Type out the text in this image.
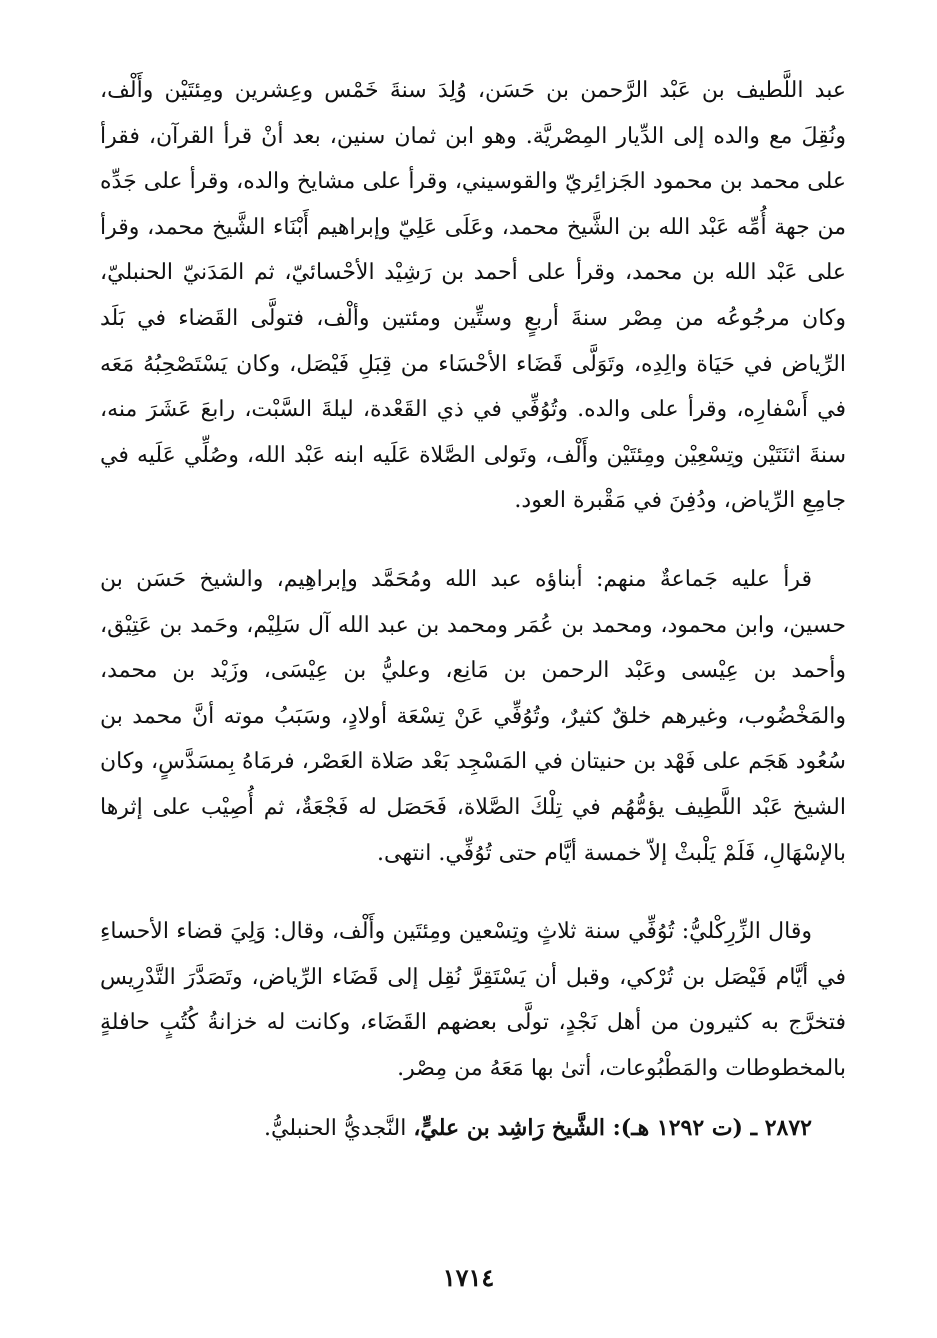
عبد اللَّطيف بن عَبْد الرَّحمن بن حَسَن، وُلِدَ سنةَ خَمْس وعِشرين ومِئتَيْن وأَلْف، ونُقِلَ مع والده إلى الدِّيار المِصْريَّة. وهو ابن ثمان سنين، بعد أنْ قرأ القرآن، فقرأ على محمد بن محمود الجَزائِريّ والقوسيني، وقرأ على مشايخ والده، وقرأ على جَدِّه من جهة أُمِّه عَبْد الله بن الشَّيخ محمد، وعَلَى عَلِيّ وإبراهيم أَبْنَاء الشَّيخ محمد، وقرأ على عَبْد الله بن محمد، وقرأ على أحمد بن رَشِيْد الأحْسائيّ، ثم المَدَنيّ الحنبليّ، وكان مرجُوعُه من مِصْر سنةَ أربعٍ وستِّين ومئتين وألْف، فتولَّى القَضاء في بَلَد الرِّياض في حَيَاة والِدِه، وتَوَلَّى قَضَاء الأحْسَاء من قِبَلِ فَيْصَل، وكان يَسْتَصْحِبُهُ مَعَه في أَسْفارِه، وقرأ على والده. وتُوُفِّي في ذي القَعْدة، ليلةَ السَّبْت، رابعَ عَشَرَ منه، سنةَ اثنَتَيْن وتِسْعِيْن ومِئتَيْن وأَلْف، وتَولى الصَّلاة عَلَيه ابنه عَبْد الله، وصُلِّي عَلَيه في جامِعِ الرِّياض، ودُفِنَ في مَقْبرة العود.

قرأ عليه جَماعةٌ منهم: أبناؤه عبد الله ومُحَمَّد وإبراهِيم، والشيخ حَسَن بن حسين، وابن محمود، ومحمد بن عُمَر ومحمد بن عبد الله آل سَلِيْم، وحَمد بن عَتِيْق، وأحمد بن عِيْسى وعَبْد الرحمن بن مَانِع، وعليُّ بن عِيْسَى، وزَيْد بن محمد، والمَخْضُوب، وغيرهم خلقٌ كثيرٌ، وتُوُفِّي عَنْ تِسْعَة أولادٍ، وسَبَبُ موته أنَّ محمد بن سُعُود هَجَم على فَهْد بن حنيتان في المَسْجِد بَعْد صَلاة العَصْر، فرمَاهُ بِمسَدَّسٍ، وكان الشيخ عَبْد اللَّطِيف يؤمُّهُم في تِلْكَ الصَّلاة، فَحَصَل له فَجْعَةٌ، ثم أُصِيْب على إثرها بالإسْهَالِ، فَلَمْ يَلْبثْ إلاّ خمسة أيَّام حتى تُوُفِّي. انتهى.

وقال الزِّرِكْليُّ: تُوُفِّي سنة ثلاثٍ وتِسْعين ومِئتَين وأَلْف، وقال: وَلِيَ قضاء الأحساءِ في أيَّام فَيْصَل بن تُرْكي، وقبل أن يَسْتَقِرَّ نُقِل إلى قَضَاء الرِّياض، وتَصَدَّرَ التَّدْرِيس فتخرَّج به كثيرون من أهل نَجْدٍ، تولَّى بعضهم القَضَاء، وكانت له خزانةُ كُتُبٍ حافلةٍ بالمخطوطات والمَطْبُوعات، أتىٰ بها مَعَهُ من مِصْر.

٢٨٧٢ ـ (ت ١٢٩٢ هـ): الشَّيخ رَاشِد بن عليٍّ، النَّجديُّ الحنبليُّ.

١٧١٤
